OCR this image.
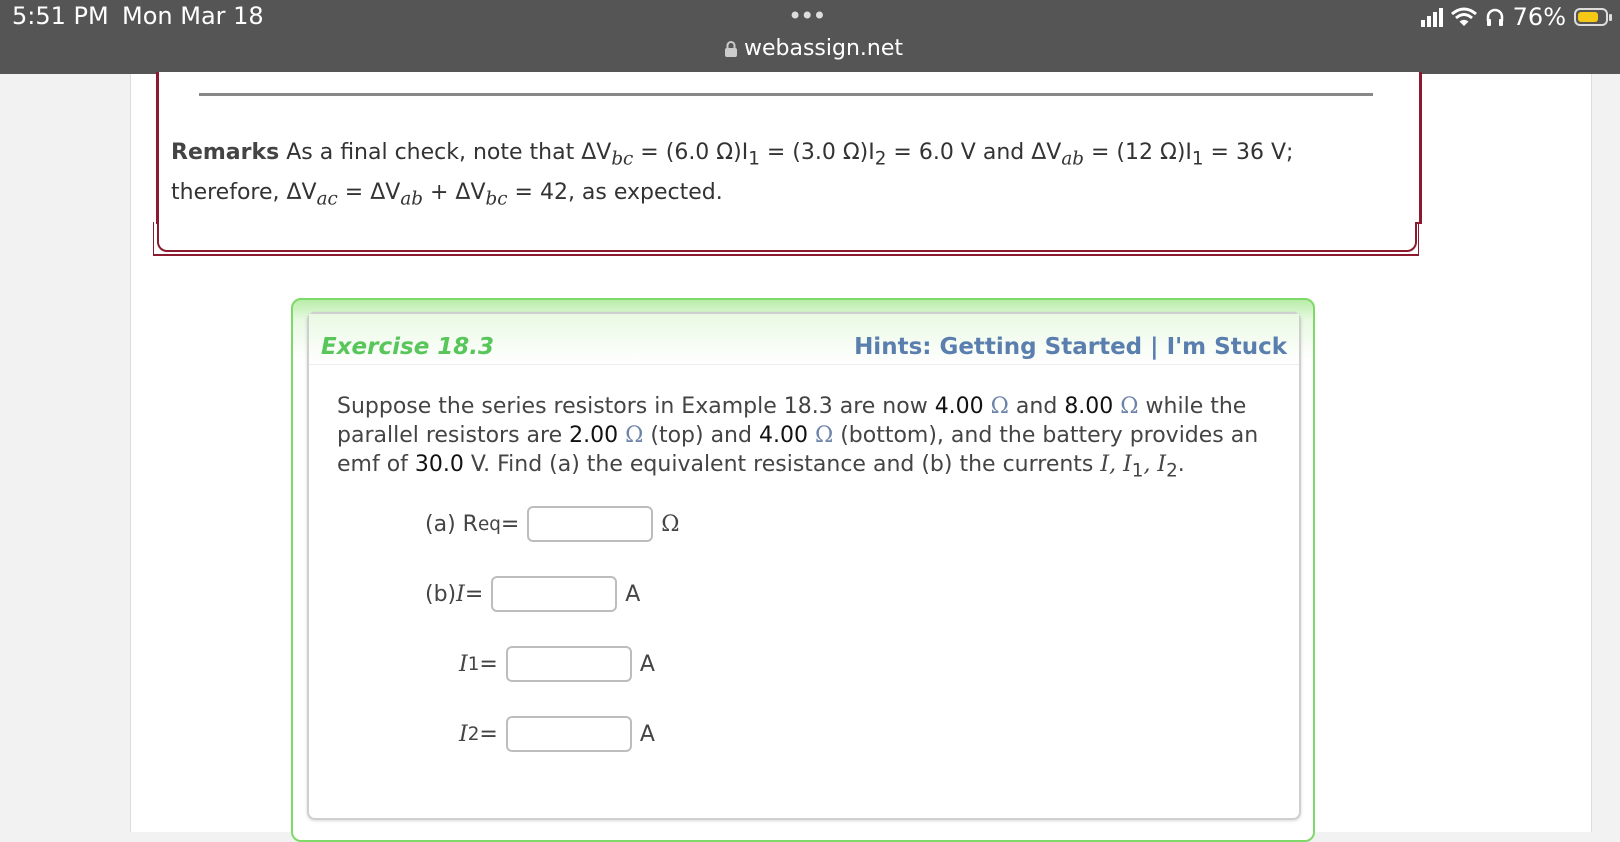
5:51 PM Mon Mar 18	•••
webassign.net
76%
Remarks As a final check, note that $\Delta V_{bc} = (6.0$ $\Omega)I_1 = (3.0$ $\Omega)I_2 = 6.0$ V and $\Delta V_{ab} = (12$ $\Omega)I_1 = 36$ V;
therefore, $\Delta V_{ac} = \Delta V_{ab} + \Delta V_{bc} = 42$, as expected.
Exercise 18.3	Hints: Getting Started | I'm Stuck
Suppose the series resistors in Example 18.3 are now 4.00 Ω and 8.00 Ω while the parallel resistors are 2.00 Ω (top) and 4.00 Ω (bottom), and the battery provides an emf of 30.0 V. Find (a) the equivalent resistance and (b) the currents I, $I_1$, $I_2$.
(a) R eq =	Ω
(b) I =	A
I 1 =	A
I 2 =	A
